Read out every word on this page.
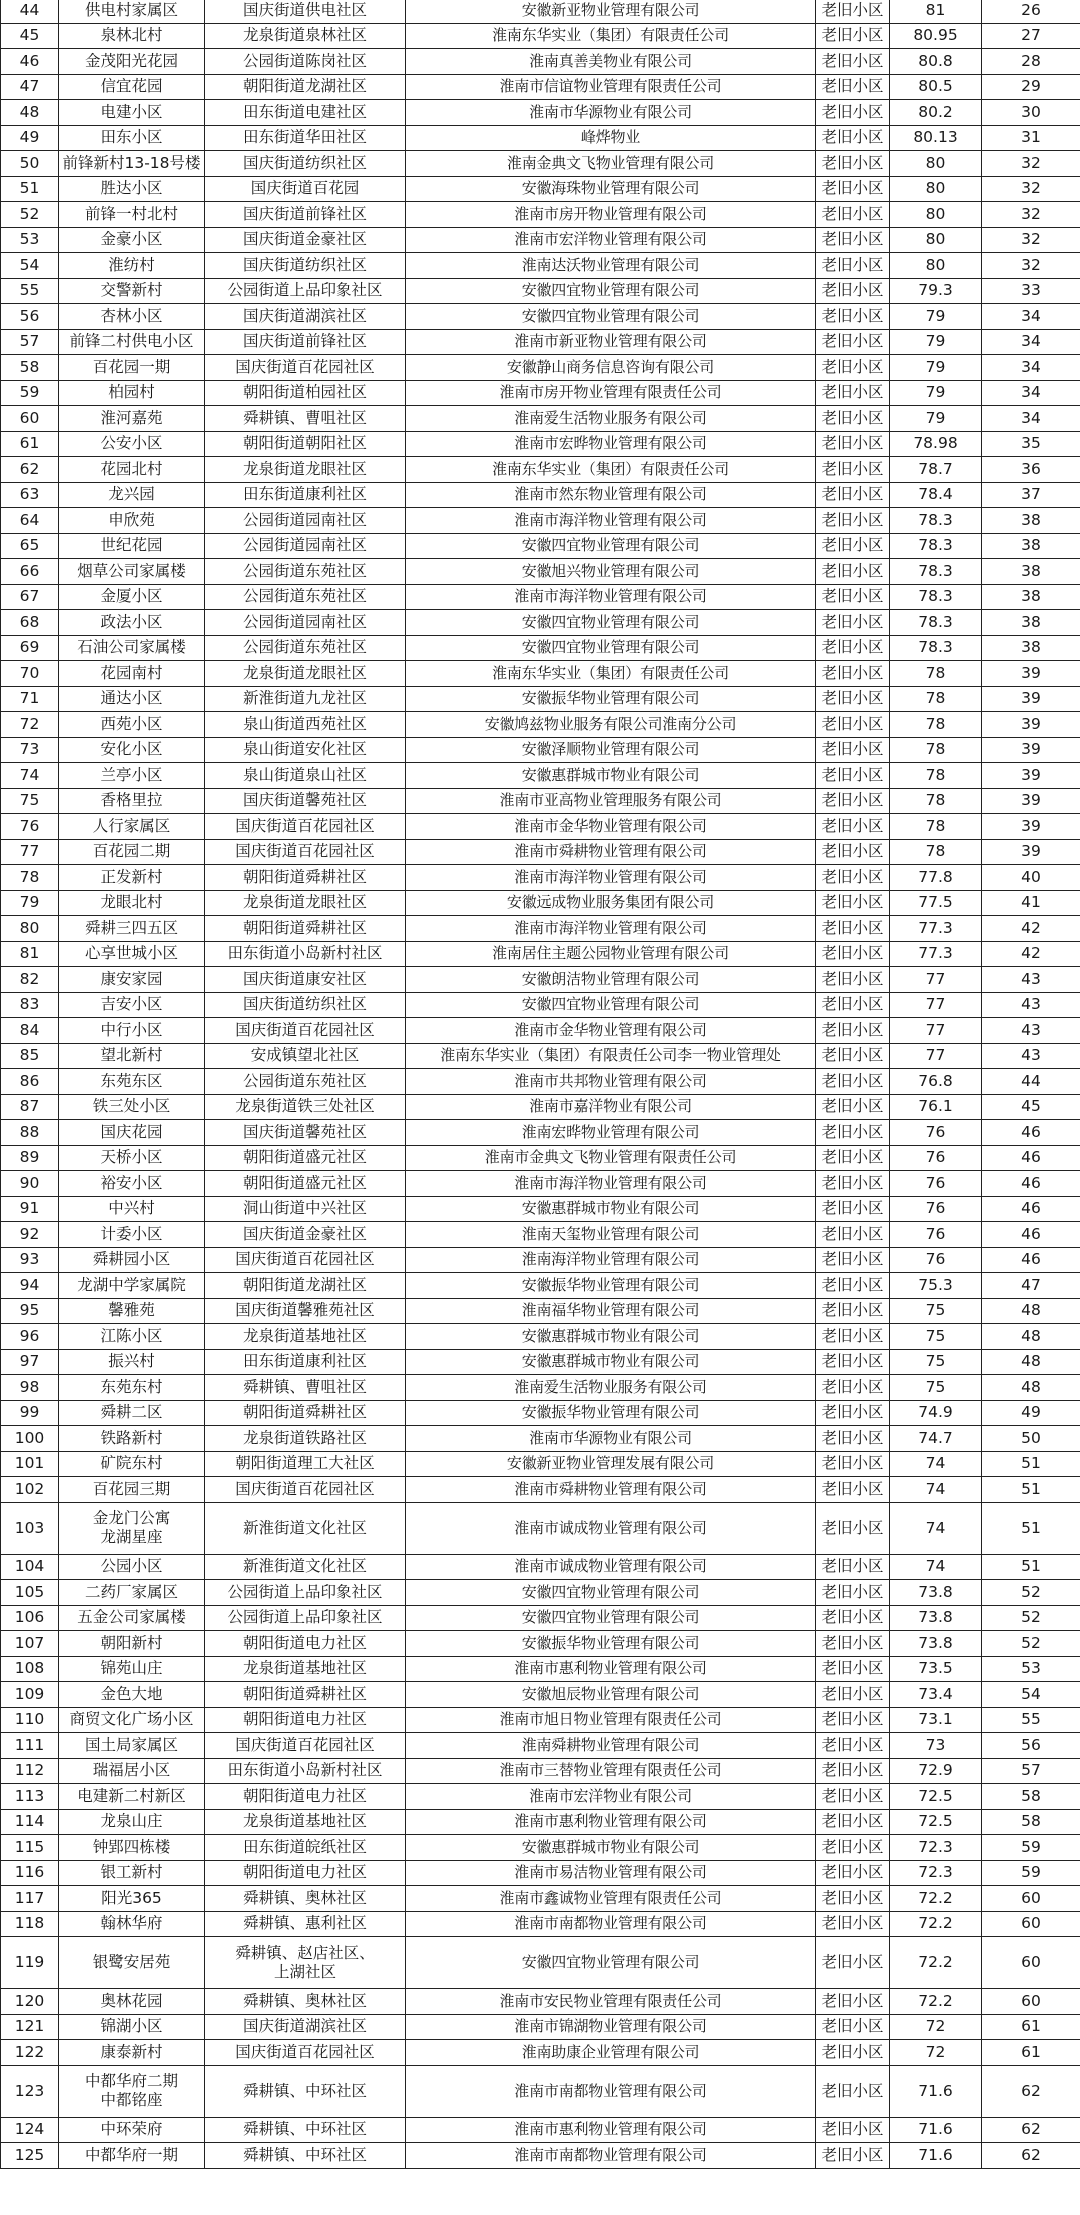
44	供电村家属区	国庆街道供电社区	安徽新亚物业管理有限公司	老旧小区	81	26
45	泉林北村	龙泉街道泉林社区	淮南东华实业（集团）有限责任公司	老旧小区	80.95	27
46	金茂阳光花园	公园街道陈岗社区	淮南真善美物业有限公司	老旧小区	80.8	28
47	信宜花园	朝阳街道龙湖社区	淮南市信谊物业管理有限责任公司	老旧小区	80.5	29
48	电建小区	田东街道电建社区	淮南市华源物业有限公司	老旧小区	80.2	30
49	田东小区	田东街道华田社区	峰烨物业	老旧小区	80.13	31
50	前锋新村13-18号楼	国庆街道纺织社区	淮南金典文飞物业管理有限公司	老旧小区	80	32
51	胜达小区	国庆街道百花园	安徽海珠物业管理有限公司	老旧小区	80	32
52	前锋一村北村	国庆街道前锋社区	淮南市房开物业管理有限公司	老旧小区	80	32
53	金豪小区	国庆街道金豪社区	淮南市宏洋物业管理有限公司	老旧小区	80	32
54	淮纺村	国庆街道纺织社区	淮南达沃物业管理有限公司	老旧小区	80	32
55	交警新村	公园街道上品印象社区	安徽四宜物业管理有限公司	老旧小区	79.3	33
56	杏林小区	国庆街道湖滨社区	安徽四宜物业管理有限公司	老旧小区	79	34
57	前锋二村供电小区	国庆街道前锋社区	淮南市新亚物业管理有限公司	老旧小区	79	34
58	百花园一期	国庆街道百花园社区	安徽静山商务信息咨询有限公司	老旧小区	79	34
59	柏园村	朝阳街道柏园社区	淮南市房开物业管理有限责任公司	老旧小区	79	34
60	淮河嘉苑	舜耕镇、曹咀社区	淮南爱生活物业服务有限公司	老旧小区	79	34
61	公安小区	朝阳街道朝阳社区	淮南市宏晔物业管理有限公司	老旧小区	78.98	35
62	花园北村	龙泉街道龙眼社区	淮南东华实业（集团）有限责任公司	老旧小区	78.7	36
63	龙兴园	田东街道康利社区	淮南市然东物业管理有限公司	老旧小区	78.4	37
64	申欣苑	公园街道园南社区	淮南市海洋物业管理有限公司	老旧小区	78.3	38
65	世纪花园	公园街道园南社区	安徽四宜物业管理有限公司	老旧小区	78.3	38
66	烟草公司家属楼	公园街道东苑社区	安徽旭兴物业管理有限公司	老旧小区	78.3	38
67	金厦小区	公园街道东苑社区	淮南市海洋物业管理有限公司	老旧小区	78.3	38
68	政法小区	公园街道园南社区	安徽四宜物业管理有限公司	老旧小区	78.3	38
69	石油公司家属楼	公园街道东苑社区	安徽四宜物业管理有限公司	老旧小区	78.3	38
70	花园南村	龙泉街道龙眼社区	淮南东华实业（集团）有限责任公司	老旧小区	78	39
71	通达小区	新淮街道九龙社区	安徽振华物业管理有限公司	老旧小区	78	39
72	西苑小区	泉山街道西苑社区	安徽鸠兹物业服务有限公司淮南分公司	老旧小区	78	39
73	安化小区	泉山街道安化社区	安徽泽顺物业管理有限公司	老旧小区	78	39
74	兰亭小区	泉山街道泉山社区	安徽惠群城市物业有限公司	老旧小区	78	39
75	香格里拉	国庆街道馨苑社区	淮南市亚高物业管理服务有限公司	老旧小区	78	39
76	人行家属区	国庆街道百花园社区	淮南市金华物业管理有限公司	老旧小区	78	39
77	百花园二期	国庆街道百花园社区	淮南市舜耕物业管理有限公司	老旧小区	78	39
78	正发新村	朝阳街道舜耕社区	淮南市海洋物业管理有限公司	老旧小区	77.8	40
79	龙眼北村	龙泉街道龙眼社区	安徽远成物业服务集团有限公司	老旧小区	77.5	41
80	舜耕三四五区	朝阳街道舜耕社区	淮南市海洋物业管理有限公司	老旧小区	77.3	42
81	心享世城小区	田东街道小岛新村社区	淮南居住主题公园物业管理有限公司	老旧小区	77.3	42
82	康安家园	国庆街道康安社区	安徽朗洁物业管理有限公司	老旧小区	77	43
83	吉安小区	国庆街道纺织社区	安徽四宜物业管理有限公司	老旧小区	77	43
84	中行小区	国庆街道百花园社区	淮南市金华物业管理有限公司	老旧小区	77	43
85	望北新村	安成镇望北社区	淮南东华实业（集团）有限责任公司李一物业管理处	老旧小区	77	43
86	东苑东区	公园街道东苑社区	淮南市共邦物业管理有限公司	老旧小区	76.8	44
87	铁三处小区	龙泉街道铁三处社区	淮南市嘉洋物业有限公司	老旧小区	76.1	45
88	国庆花园	国庆街道馨苑社区	淮南宏晔物业管理有限公司	老旧小区	76	46
89	天桥小区	朝阳街道盛元社区	淮南市金典文飞物业管理有限责任公司	老旧小区	76	46
90	裕安小区	朝阳街道盛元社区	淮南市海洋物业管理有限公司	老旧小区	76	46
91	中兴村	洞山街道中兴社区	安徽惠群城市物业有限公司	老旧小区	76	46
92	计委小区	国庆街道金豪社区	淮南天玺物业管理有限公司	老旧小区	76	46
93	舜耕园小区	国庆街道百花园社区	淮南海洋物业管理有限公司	老旧小区	76	46
94	龙湖中学家属院	朝阳街道龙湖社区	安徽振华物业管理有限公司	老旧小区	75.3	47
95	馨雅苑	国庆街道馨雅苑社区	淮南福华物业管理有限公司	老旧小区	75	48
96	江陈小区	龙泉街道基地社区	安徽惠群城市物业有限公司	老旧小区	75	48
97	振兴村	田东街道康利社区	安徽惠群城市物业有限公司	老旧小区	75	48
98	东苑东村	舜耕镇、曹咀社区	淮南爱生活物业服务有限公司	老旧小区	75	48
99	舜耕二区	朝阳街道舜耕社区	安徽振华物业管理有限公司	老旧小区	74.9	49
100	铁路新村	龙泉街道铁路社区	淮南市华源物业有限公司	老旧小区	74.7	50
101	矿院东村	朝阳街道理工大社区	安徽新亚物业管理发展有限公司	老旧小区	74	51
102	百花园三期	国庆街道百花园社区	淮南市舜耕物业管理有限公司	老旧小区	74	51
103	金龙门公寓
龙湖星座	新淮街道文化社区	淮南市诚成物业管理有限公司	老旧小区	74	51
104	公园小区	新淮街道文化社区	淮南市诚成物业管理有限公司	老旧小区	74	51
105	二药厂家属区	公园街道上品印象社区	安徽四宜物业管理有限公司	老旧小区	73.8	52
106	五金公司家属楼	公园街道上品印象社区	安徽四宜物业管理有限公司	老旧小区	73.8	52
107	朝阳新村	朝阳街道电力社区	安徽振华物业管理有限公司	老旧小区	73.8	52
108	锦苑山庄	龙泉街道基地社区	淮南市惠利物业管理有限公司	老旧小区	73.5	53
109	金色大地	朝阳街道舜耕社区	安徽旭辰物业管理有限公司	老旧小区	73.4	54
110	商贸文化广场小区	朝阳街道电力社区	淮南市旭日物业管理有限责任公司	老旧小区	73.1	55
111	国土局家属区	国庆街道百花园社区	淮南舜耕物业管理有限公司	老旧小区	73	56
112	瑞福居小区	田东街道小岛新村社区	淮南市三替物业管理有限责任公司	老旧小区	72.9	57
113	电建新二村新区	朝阳街道电力社区	淮南市宏洋物业有限公司	老旧小区	72.5	58
114	龙泉山庄	龙泉街道基地社区	淮南市惠利物业管理有限公司	老旧小区	72.5	58
115	钟郢四栋楼	田东街道皖纸社区	安徽惠群城市物业有限公司	老旧小区	72.3	59
116	银工新村	朝阳街道电力社区	淮南市易洁物业管理有限公司	老旧小区	72.3	59
117	阳光365	舜耕镇、奥林社区	淮南市鑫诚物业管理有限责任公司	老旧小区	72.2	60
118	翰林华府	舜耕镇、惠利社区	淮南市南都物业管理有限公司	老旧小区	72.2	60
119	银鹭安居苑	舜耕镇、赵店社区、
上湖社区	安徽四宜物业管理有限公司	老旧小区	72.2	60
120	奥林花园	舜耕镇、奥林社区	淮南市安民物业管理有限责任公司	老旧小区	72.2	60
121	锦湖小区	国庆街道湖滨社区	淮南市锦湖物业管理有限公司	老旧小区	72	61
122	康泰新村	国庆街道百花园社区	淮南助康企业管理有限公司	老旧小区	72	61
123	中都华府二期
中都铭座	舜耕镇、中环社区	淮南市南都物业管理有限公司	老旧小区	71.6	62
124	中环荣府	舜耕镇、中环社区	淮南市惠利物业管理有限公司	老旧小区	71.6	62
125	中都华府一期	舜耕镇、中环社区	淮南市南都物业管理有限公司	老旧小区	71.6	62
